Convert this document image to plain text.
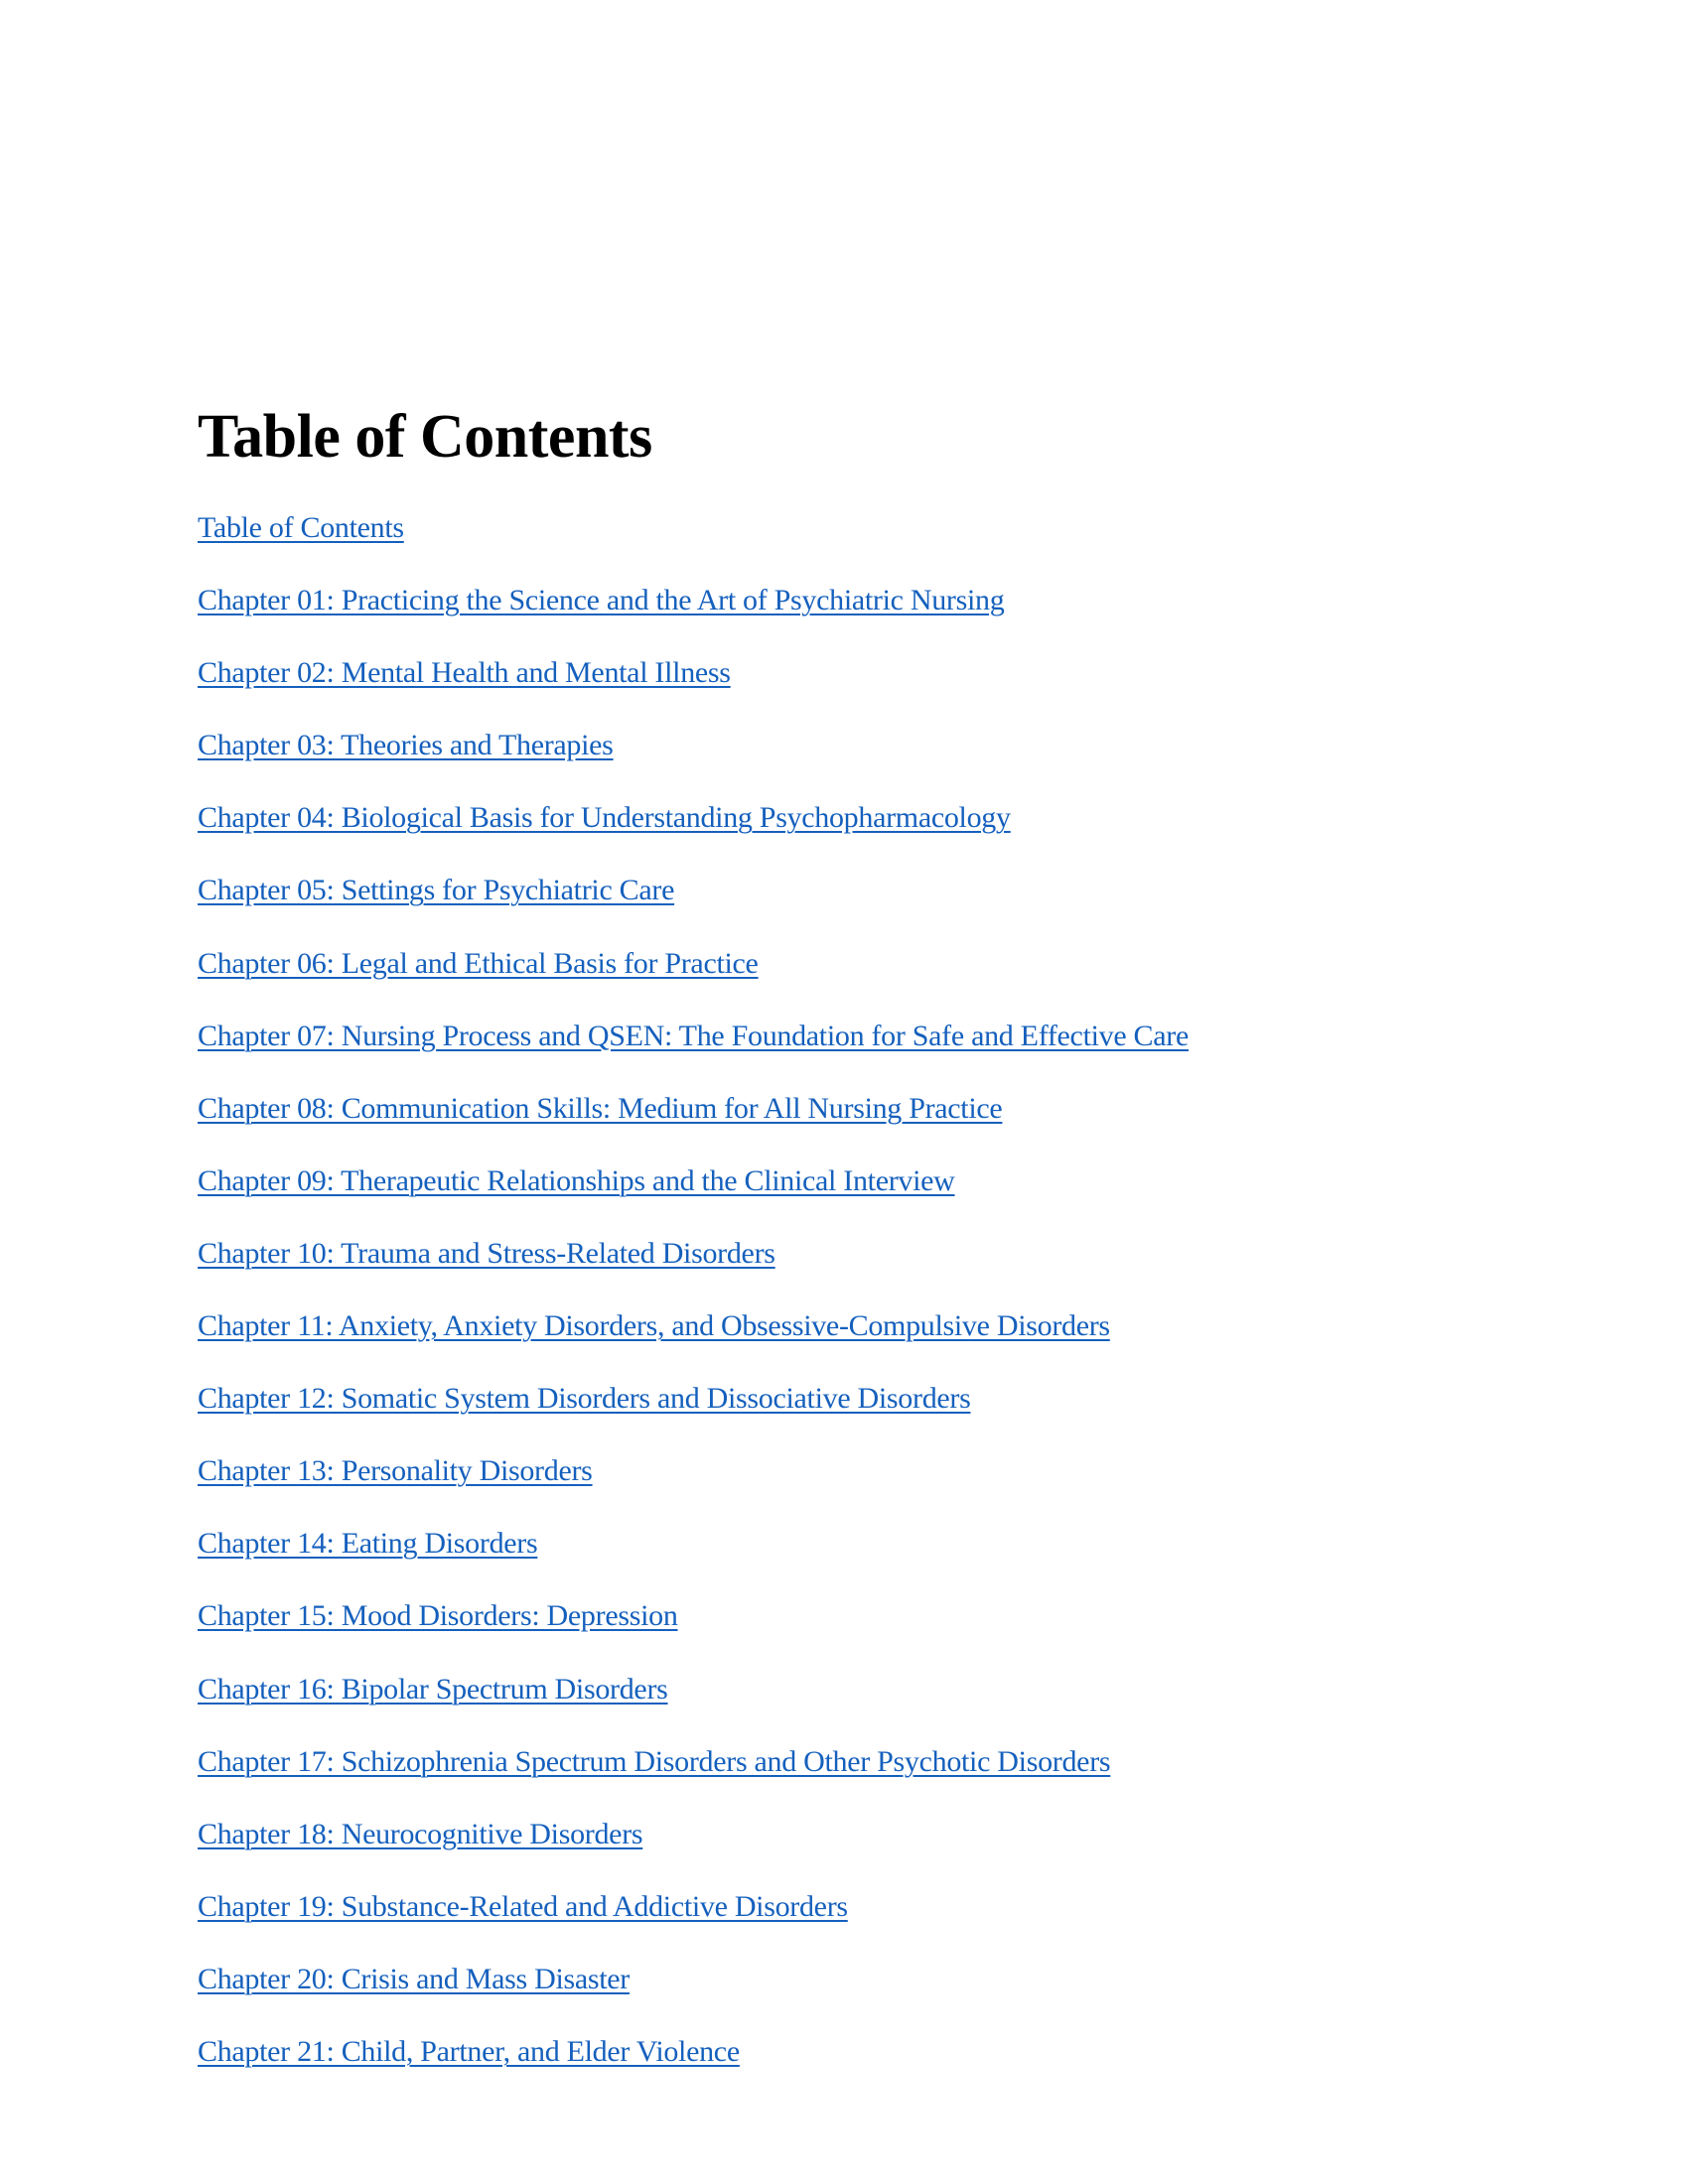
Table of Contents
Table of Contents
Chapter 01: Practicing the Science and the Art of Psychiatric Nursing
Chapter 02: Mental Health and Mental Illness
Chapter 03: Theories and Therapies
Chapter 04: Biological Basis for Understanding Psychopharmacology
Chapter 05: Settings for Psychiatric Care
Chapter 06: Legal and Ethical Basis for Practice
Chapter 07: Nursing Process and QSEN: The Foundation for Safe and Effective Care
Chapter 08: Communication Skills: Medium for All Nursing Practice
Chapter 09: Therapeutic Relationships and the Clinical Interview
Chapter 10: Trauma and Stress-Related Disorders
Chapter 11: Anxiety, Anxiety Disorders, and Obsessive-Compulsive Disorders
Chapter 12: Somatic System Disorders and Dissociative Disorders
Chapter 13: Personality Disorders
Chapter 14: Eating Disorders
Chapter 15: Mood Disorders: Depression
Chapter 16: Bipolar Spectrum Disorders
Chapter 17: Schizophrenia Spectrum Disorders and Other Psychotic Disorders
Chapter 18: Neurocognitive Disorders
Chapter 19: Substance-Related and Addictive Disorders
Chapter 20: Crisis and Mass Disaster
Chapter 21: Child, Partner, and Elder Violence
